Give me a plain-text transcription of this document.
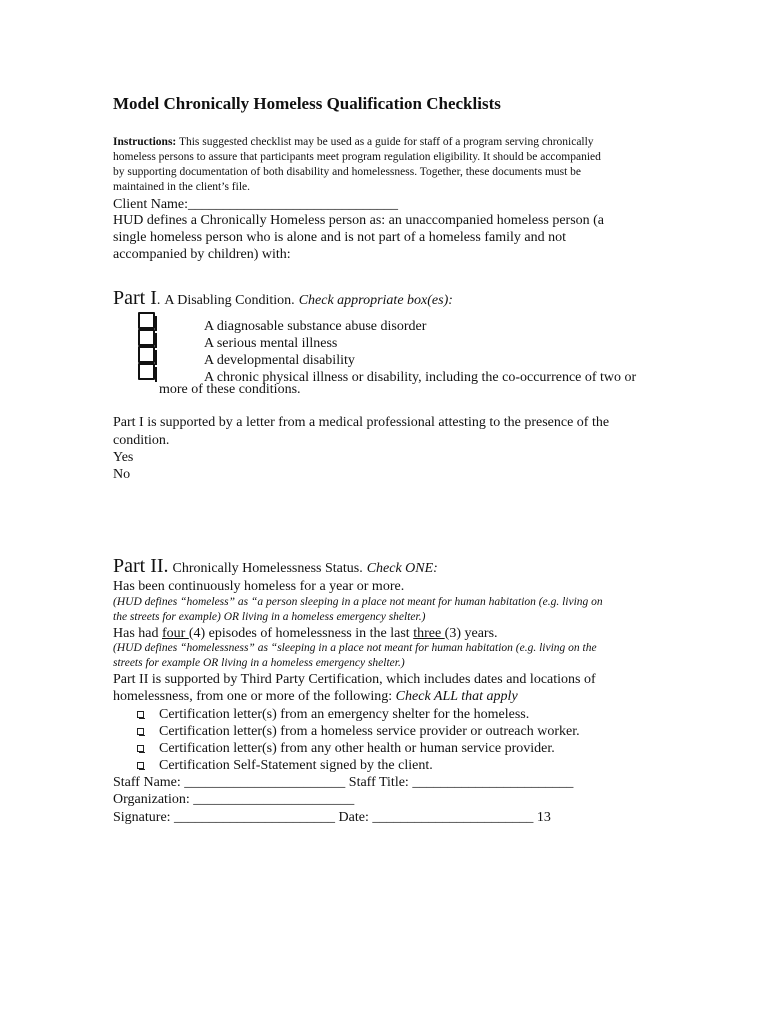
Model Chronically Homeless Qualification Checklists
Instructions: This suggested checklist may be used as a guide for staff of a program serving chronically
homeless persons to assure that participants meet program regulation eligibility. It should be accompanied
by supporting documentation of both disability and homelessness. Together, these documents must be
maintained in the client’s file.
Client Name:______________________________
HUD defines a Chronically Homeless person as: an unaccompanied homeless person (a
single homeless person who is alone and is not part of a homeless family and not
accompanied by children) with:
Part I. A Disabling Condition. Check appropriate box(es):
A diagnosable substance abuse disorder
A serious mental illness
A developmental disability
A chronic physical illness or disability, including the co-occurrence of two or
more of these conditions.
Part I is supported by a letter from a medical professional attesting to the presence of the
condition.
Yes
No
Part II. Chronically Homelessness Status. Check ONE:
Has been continuously homeless for a year or more.
(HUD defines “homeless” as “a person sleeping in a place not meant for human habitation (e.g. living on
the streets for example) OR living in a homeless emergency shelter.)
Has had four (4) episodes of homelessness in the last three (3) years.
(HUD defines “homelessness” as “sleeping in a place not meant for human habitation (e.g. living on the
streets for example OR living in a homeless emergency shelter.)
Part II is supported by Third Party Certification, which includes dates and locations of
homelessness, from one or more of the following: Check ALL that apply
Certification letter(s) from an emergency shelter for the homeless.
Certification letter(s) from a homeless service provider or outreach worker.
Certification letter(s) from any other health or human service provider.
Certification Self-Statement signed by the client.
Staff Name: _______________________ Staff Title: _______________________
Organization: _______________________
Signature: _______________________ Date: _______________________ 13
